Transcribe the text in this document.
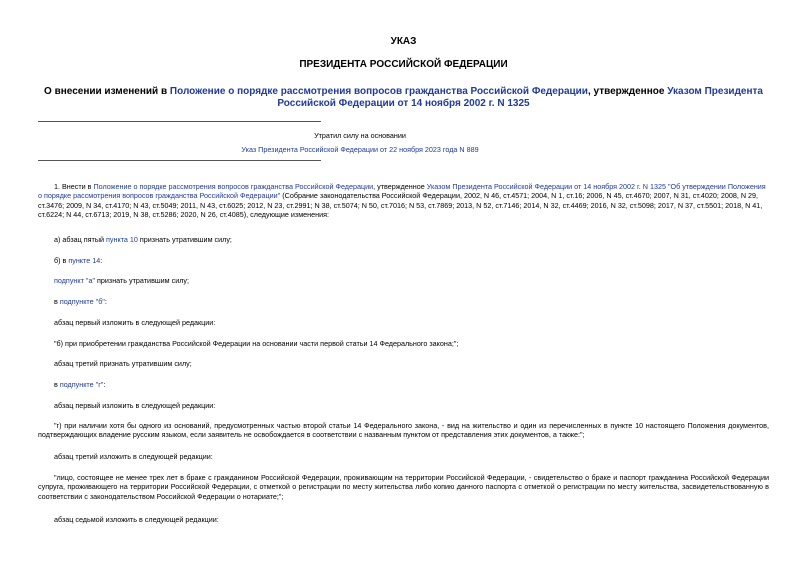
УКАЗ
ПРЕЗИДЕНТА РОССИЙСКОЙ ФЕДЕРАЦИИ
О внесении изменений в Положение о порядке рассмотрения вопросов гражданства Российской Федерации, утвержденное Указом Президента Российской Федерации от 14 ноября 2002 г. N 1325
Утратил силу на основании
Указ Президента Российской Федерации от 22 ноября 2023 года N 889
1. Внести в Положение о порядке рассмотрения вопросов гражданства Российской Федерации, утвержденное Указом Президента Российской Федерации от 14 ноября 2002 г. N 1325 "Об утверждении Положения о порядке рассмотрения вопросов гражданства Российской Федерации" (Собрание законодательства Российской Федерации, 2002, N 46, ст.4571; 2004, N 1, ст.16; 2006, N 45, ст.4670; 2007, N 31, ст.4020; 2008, N 29, ст.3476; 2009, N 34, ст.4170; N 43, ст.5049; 2011, N 43, ст.6025; 2012, N 23, ст.2991; N 38, ст.5074; N 50, ст.7016; N 53, ст.7869; 2013, N 52, ст.7146; 2014, N 32, ст.4469; 2016, N 32, ст.5098; 2017, N 37, ст.5501; 2018, N 41, ст.6224; N 44, ст.6713; 2019, N 38, ст.5286; 2020, N 26, ст.4085), следующие изменения:
а) абзац пятый пункта 10 признать утратившим силу;
б) в пункте 14:
подпункт "а" признать утратившим силу;
в подпункте "б":
абзац первый изложить в следующей редакции:
"б) при приобретении гражданства Российской Федерации на основании части первой статьи 14 Федерального закона;";
абзац третий признать утратившим силу;
в подпункте "г":
абзац первый изложить в следующей редакции:
"г) при наличии хотя бы одного из оснований, предусмотренных частью второй статьи 14 Федерального закона, - вид на жительство и один из перечисленных в пункте 10 настоящего Положения документов, подтверждающих владение русским языком, если заявитель не освобождается в соответствии с названным пунктом от представления этих документов, а также:";
абзац третий изложить в следующей редакции:
"лицо, состоящее не менее трех лет в браке с гражданином Российской Федерации, проживающим на территории Российской Федерации, - свидетельство о браке и паспорт гражданина Российской Федерации супруга, проживающего на территории Российской Федерации, с отметкой о регистрации по месту жительства либо копию данного паспорта с отметкой о регистрации по месту жительства, засвидетельствованную в соответствии с законодательством Российской Федерации о нотариате;";
абзац седьмой изложить в следующей редакции:
